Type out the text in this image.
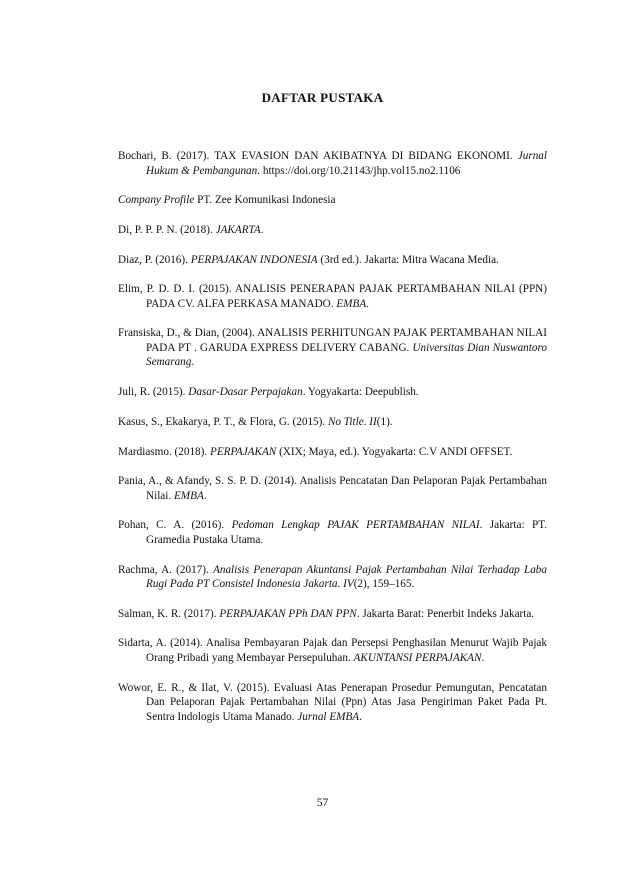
DAFTAR PUSTAKA
Bochari, B. (2017). TAX EVASION DAN AKIBATNYA DI BIDANG EKONOMI. Jurnal Hukum & Pembangunan. https://doi.org/10.21143/jhp.vol15.no2.1106
Company Profile PT. Zee Komunikasi Indonesia
Di, P. P. P. N. (2018). JAKARTA.
Diaz, P. (2016). PERPAJAKAN INDONESIA (3rd ed.). Jakarta: Mitra Wacana Media.
Elim, P. D. D. I. (2015). ANALISIS PENERAPAN PAJAK PERTAMBAHAN NILAI (PPN) PADA CV. ALFA PERKASA MANADO. EMBA.
Fransiska, D., & Dian, (2004). ANALISIS PERHITUNGAN PAJAK PERTAMBAHAN NILAI PADA PT . GARUDA EXPRESS DELIVERY CABANG. Universitas Dian Nuswantoro Semarang.
Juli, R. (2015). Dasar-Dasar Perpajakan. Yogyakarta: Deepublish.
Kasus, S., Ekakarya, P. T., & Flora, G. (2015). No Title. II(1).
Mardiasmo. (2018). PERPAJAKAN (XIX; Maya, ed.). Yogyakarta: C.V ANDI OFFSET.
Pania, A., & Afandy, S. S. P. D. (2014). Analisis Pencatatan Dan Pelaporan Pajak Pertambahan Nilai. EMBA.
Pohan, C. A. (2016). Pedoman Lengkap PAJAK PERTAMBAHAN NILAI. Jakarta: PT. Gramedia Pustaka Utama.
Rachma, A. (2017). Analisis Penerapan Akuntansi Pajak Pertambahan Nilai Terhadap Laba Rugi Pada PT Consistel Indonesia Jakarta. IV(2), 159–165.
Salman, K. R. (2017). PERPAJAKAN PPh DAN PPN. Jakarta Barat: Penerbit Indeks Jakarta.
Sidarta, A. (2014). Analisa Pembayaran Pajak dan Persepsi Penghasilan Menurut Wajib Pajak Orang Pribadi yang Membayar Persepuluhan. AKUNTANSI PERPAJAKAN.
Wowor, E. R., & Ilat, V. (2015). Evaluasi Atas Penerapan Prosedur Pemungutan, Pencatatan Dan Pelaporan Pajak Pertambahan Nilai (Ppn) Atas Jasa Pengiriman Paket Pada Pt. Sentra Indologis Utama Manado. Jurnal EMBA.
57
